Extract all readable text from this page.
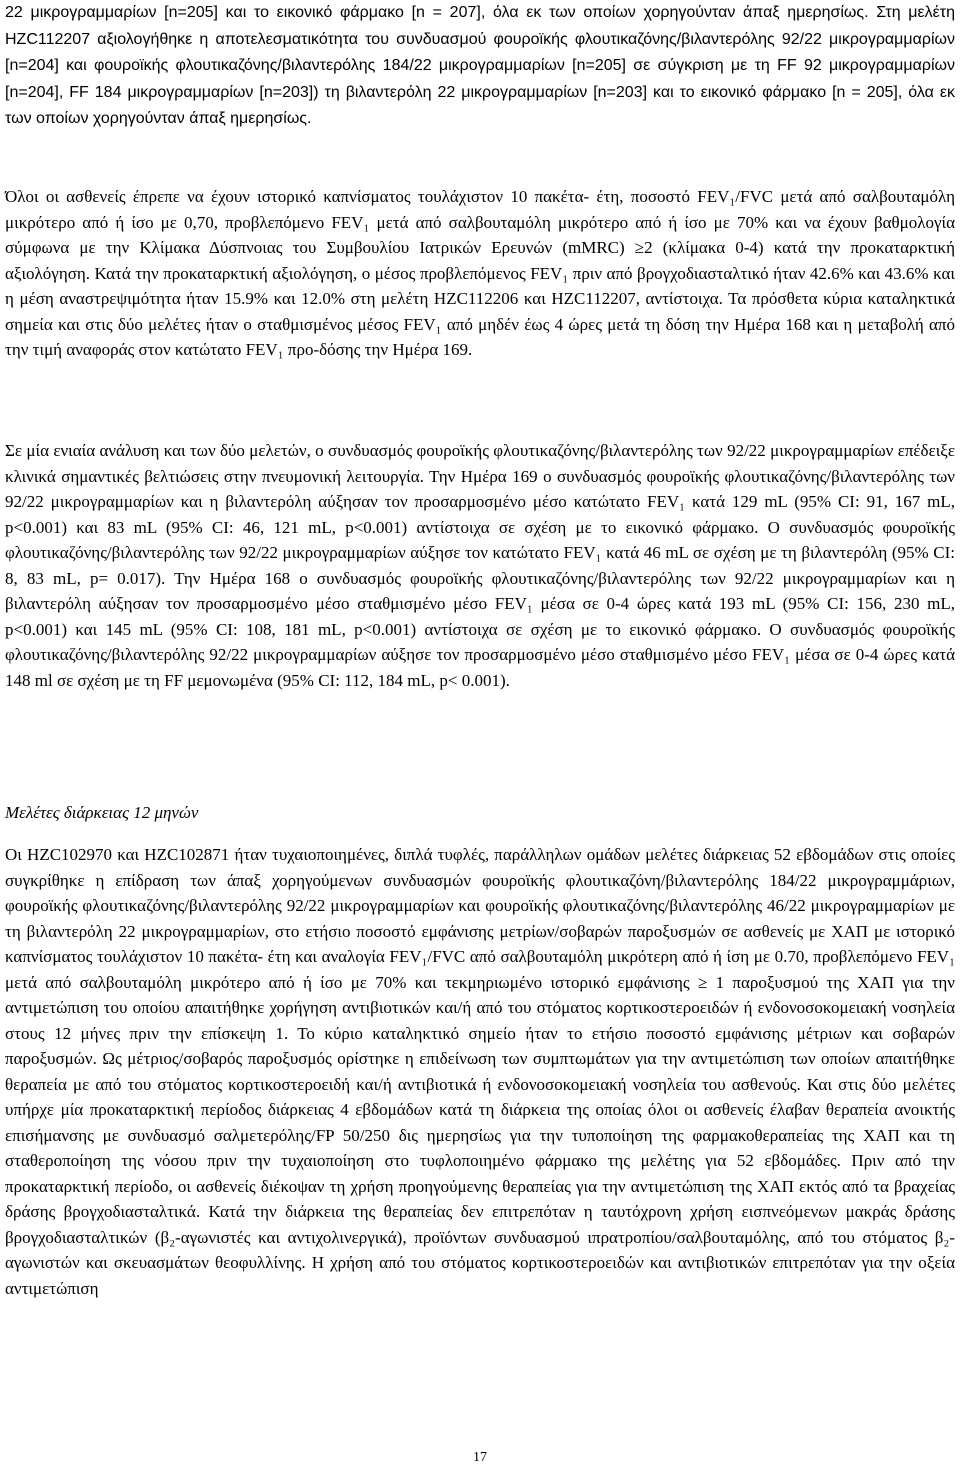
22 μικρογραμμαρίων [n=205] και το εικονικό φάρμακο [n = 207], όλα εκ των οποίων χορηγούνταν άπαξ ημερησίως. Στη μελέτη HZC112207 αξιολογήθηκε η αποτελεσματικότητα του συνδυασμού φουροϊκής φλουτικαζόνης/βιλαντερόλης 92/22 μικρογραμμαρίων [n=204] και φουροϊκής φλουτικαζόνης/βιλαντερόλης 184/22 μικρογραμμαρίων [n=205] σε σύγκριση με τη FF 92 μικρογραμμαρίων [n=204], FF 184 μικρογραμμαρίων [n=203]) τη βιλαντερόλη 22 μικρογραμμαρίων [n=203] και το εικονικό φάρμακο [n = 205], όλα εκ των οποίων χορηγούνταν άπαξ ημερησίως.

Όλοι οι ασθενείς έπρεπε να έχουν ιστορικό καπνίσματος τουλάχιστον 10 πακέτα- έτη, ποσοστό FEV₁/FVC μετά από σαλβουταμόλη μικρότερο από ή ίσο με 0,70, προβλεπόμενο FEV₁ μετά από σαλβουταμόλη μικρότερο από ή ίσο με 70% και να έχουν βαθμολογία σύμφωνα με την Κλίμακα Δύσπνοιας του Συμβουλίου Ιατρικών Ερευνών (mMRC) ≥2 (κλίμακα 0-4) κατά την προκαταρκτική αξιολόγηση. Κατά την προκαταρκτική αξιολόγηση, ο μέσος προβλεπόμενος FEV₁ πριν από βρογχοδιασταλτικό ήταν 42.6% και 43.6% και η μέση αναστρεψιμότητα ήταν 15.9% και 12.0% στη μελέτη HZC112206 και HZC112207, αντίστοιχα. Τα πρόσθετα κύρια καταληκτικά σημεία και στις δύο μελέτες ήταν ο σταθμισμένος μέσος FEV₁ από μηδέν έως 4 ώρες μετά τη δόση την Ημέρα 168 και η μεταβολή από την τιμή αναφοράς στον κατώτατο FEV₁ προ-δόσης την Ημέρα 169.

Σε μία ενιαία ανάλυση και των δύο μελετών, ο συνδυασμός φουροϊκής φλουτικαζόνης/βιλαντερόλης των 92/22 μικρογραμμαρίων επέδειξε κλινικά σημαντικές βελτιώσεις στην πνευμονική λειτουργία. Την Ημέρα 169 ο συνδυασμός φουροϊκής φλουτικαζόνης/βιλαντερόλης των 92/22 μικρογραμμαρίων και η βιλαντερόλη αύξησαν τον προσαρμοσμένο μέσο κατώτατο FEV₁ κατά 129 mL (95% CI: 91, 167 mL, p<0.001) και 83 mL (95% CI: 46, 121 mL, p<0.001) αντίστοιχα σε σχέση με το εικονικό φάρμακο. Ο συνδυασμός φουροϊκής φλουτικαζόνης/βιλαντερόλης των 92/22 μικρογραμμαρίων αύξησε τον κατώτατο FEV₁ κατά 46 mL σε σχέση με τη βιλαντερόλη (95% CI: 8, 83 mL, p= 0.017). Την Ημέρα 168 ο συνδυασμός φουροϊκής φλουτικαζόνης/βιλαντερόλης των 92/22 μικρογραμμαρίων και η βιλαντερόλη αύξησαν τον προσαρμοσμένο μέσο σταθμισμένο μέσο FEV₁ μέσα σε 0-4 ώρες κατά 193 mL (95% CI: 156, 230 mL, p<0.001) και 145 mL (95% CI: 108, 181 mL, p<0.001) αντίστοιχα σε σχέση με το εικονικό φάρμακο. Ο συνδυασμός φουροϊκής φλουτικαζόνης/βιλαντερόλης 92/22 μικρογραμμαρίων αύξησε τον προσαρμοσμένο μέσο σταθμισμένο μέσο FEV₁ μέσα σε 0-4 ώρες κατά 148 ml σε σχέση με τη FF μεμονωμένα (95% CI: 112, 184 mL, p< 0.001).

Μελέτες διάρκειας 12 μηνών

Οι HZC102970 και HZC102871 ήταν τυχαιοποιημένες, διπλά τυφλές, παράλληλων ομάδων μελέτες διάρκειας 52 εβδομάδων στις οποίες συγκρίθηκε η επίδραση των άπαξ χορηγούμενων συνδυασμών φουροϊκής φλουτικαζόνη/βιλαντερόλης 184/22 μικρογραμμάριων, φουροϊκής φλουτικαζόνης/βιλαντερόλης 92/22 μικρογραμμαρίων και φουροϊκής φλουτικαζόνης/βιλαντερόλης 46/22 μικρογραμμαρίων με τη βιλαντερόλη 22 μικρογραμμαρίων, στο ετήσιο ποσοστό εμφάνισης μετρίων/σοβαρών παροξυσμών σε ασθενείς με ΧΑΠ με ιστορικό καπνίσματος τουλάχιστον 10 πακέτα- έτη και αναλογία FEV₁/FVC από σαλβουταμόλη μικρότερη από ή ίση με 0.70, προβλεπόμενο FEV₁ μετά από σαλβουταμόλη μικρότερο από ή ίσο με 70% και τεκμηριωμένο ιστορικό εμφάνισης ≥ 1 παροξυσμού της ΧΑΠ για την αντιμετώπιση του οποίου απαιτήθηκε χορήγηση αντιβιοτικών και/ή από του στόματος κορτικοστεροειδών ή ενδονοσοκομειακή νοσηλεία στους 12 μήνες πριν την επίσκεψη 1. Το κύριο καταληκτικό σημείο ήταν το ετήσιο ποσοστό εμφάνισης μέτριων και σοβαρών παροξυσμών. Ως μέτριος/σοβαρός παροξυσμός ορίστηκε η επιδείνωση των συμπτωμάτων για την αντιμετώπιση των οποίων απαιτήθηκε θεραπεία με από του στόματος κορτικοστεροειδή και/ή αντιβιοτικά ή ενδονοσοκομειακή νοσηλεία του ασθενούς. Και στις δύο μελέτες υπήρχε μία προκαταρκτική περίοδος διάρκειας 4 εβδομάδων κατά τη διάρκεια της οποίας όλοι οι ασθενείς έλαβαν θεραπεία ανοικτής επισήμανσης με συνδυασμό σαλμετερόλης/FP 50/250 δις ημερησίως για την τυποποίηση της φαρμακοθεραπείας της ΧΑΠ και τη σταθεροποίηση της νόσου πριν την τυχαιοποίηση στο τυφλοποιημένο φάρμακο της μελέτης για 52 εβδομάδες. Πριν από την προκαταρκτική περίοδο, οι ασθενείς διέκοψαν τη χρήση προηγούμενης θεραπείας για την αντιμετώπιση της ΧΑΠ εκτός από τα βραχείας δράσης βρογχοδιασταλτικά. Κατά την διάρκεια της θεραπείας δεν επιτρεπόταν η ταυτόχρονη χρήση εισπνεόμενων μακράς δράσης βρογχοδιασταλτικών (β₂-αγωνιστές και αντιχολινεργικά), προϊόντων συνδυασμού ιπρατροπίου/σαλβουταμόλης, από του στόματος β₂-αγωνιστών και σκευασμάτων θεοφυλλίνης. Η χρήση από του στόματος κορτικοστεροειδών και αντιβιοτικών επιτρεπόταν για την οξεία αντιμετώπιση

17
